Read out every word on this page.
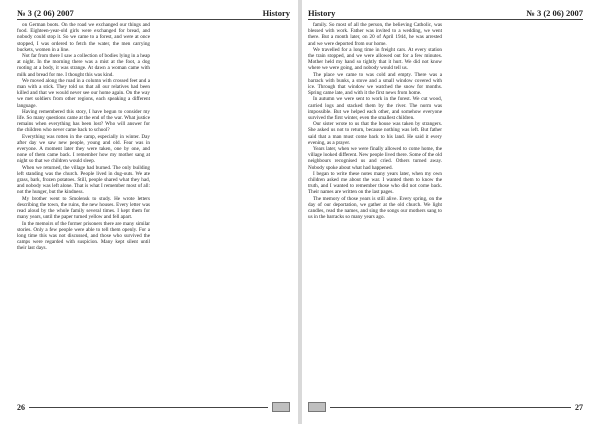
№ 3 (2 06) 2007	History

on German boots. On the road we exchanged our things and food. Eighteen-year-old girls were exchanged for bread, and nobody could stop it. So we came to a forest, and were at once stopped, I was ordered to fetch the water, the men carrying buckets, women in a line.

Not far from there I saw a collection of bodies lying in a heap at night. In the morning there was a mist at the foot, a dog rooting at a body, it was strange. At dawn a woman came with milk and bread for me. I thought this was kind.

We moved along the road in a column with crossed feet and a man with a stick. They told us that all our relatives had been killed and that we would never see our home again. On the way we met soldiers from other regions, each speaking a different language.

Having remembered this story, I have begun to consider my life. So many questions came at the end of the war. What justice remains when everything has been lost? Who will answer for the children who never came back to school?

Everything was rotten in the camp, especially in winter. Day after day we saw new people, young and old. Fear was in everyone. A moment later they were taken, one by one, and none of them came back. I remember how my mother sang at night so that we children would sleep.

When we returned, the village had burned. The only building left standing was the church. People lived in dug-outs. We ate grass, bark, frozen potatoes. Still, people shared what they had, and nobody was left alone. That is what I remember most of all: not the hunger, but the kindness.

My brother went to Smolensk to study. He wrote letters describing the town, the ruins, the new houses. Every letter was read aloud by the whole family several times. I kept them for many years, until the paper turned yellow and fell apart.

In the memoirs of the former prisoners there are many similar stories. Only a few people were able to tell them openly. For a long time this was not discussed, and those who survived the camps were regarded with suspicion. Many kept silent until their last days.

26
History	№ 3 (2 06) 2007

family. So most of all the person, the believing Catholic, was blessed with work. Father was invited to a wedding, we went there. But a month later, on 20 of April 1944, he was arrested and we were deported from our home.

We travelled for a long time in freight cars. At every station the train stopped, and we were allowed out for a few minutes. Mother held my hand so tightly that it hurt. We did not know where we were going, and nobody would tell us.

The place we came to was cold and empty. There was a barrack with bunks, a stove and a small window covered with ice. Through that window we watched the snow for months. Spring came late, and with it the first news from home.

In autumn we were sent to work in the forest. We cut wood, carried logs and stacked them by the river. The norm was impossible. But we helped each other, and somehow everyone survived the first winter, even the smallest children.

Our sister wrote to us that the house was taken by strangers. She asked us not to return, because nothing was left. But father said that a man must come back to his land. He said it every evening, as a prayer.

Years later, when we were finally allowed to come home, the village looked different. New people lived there. Some of the old neighbours recognised us and cried. Others turned away. Nobody spoke about what had happened.

I began to write these notes many years later, when my own children asked me about the war. I wanted them to know the truth, and I wanted to remember those who did not come back. Their names are written on the last pages.

The memory of those years is still alive. Every spring, on the day of our deportation, we gather at the old church. We light candles, read the names, and sing the songs our mothers sang to us in the barracks so many years ago.

27
